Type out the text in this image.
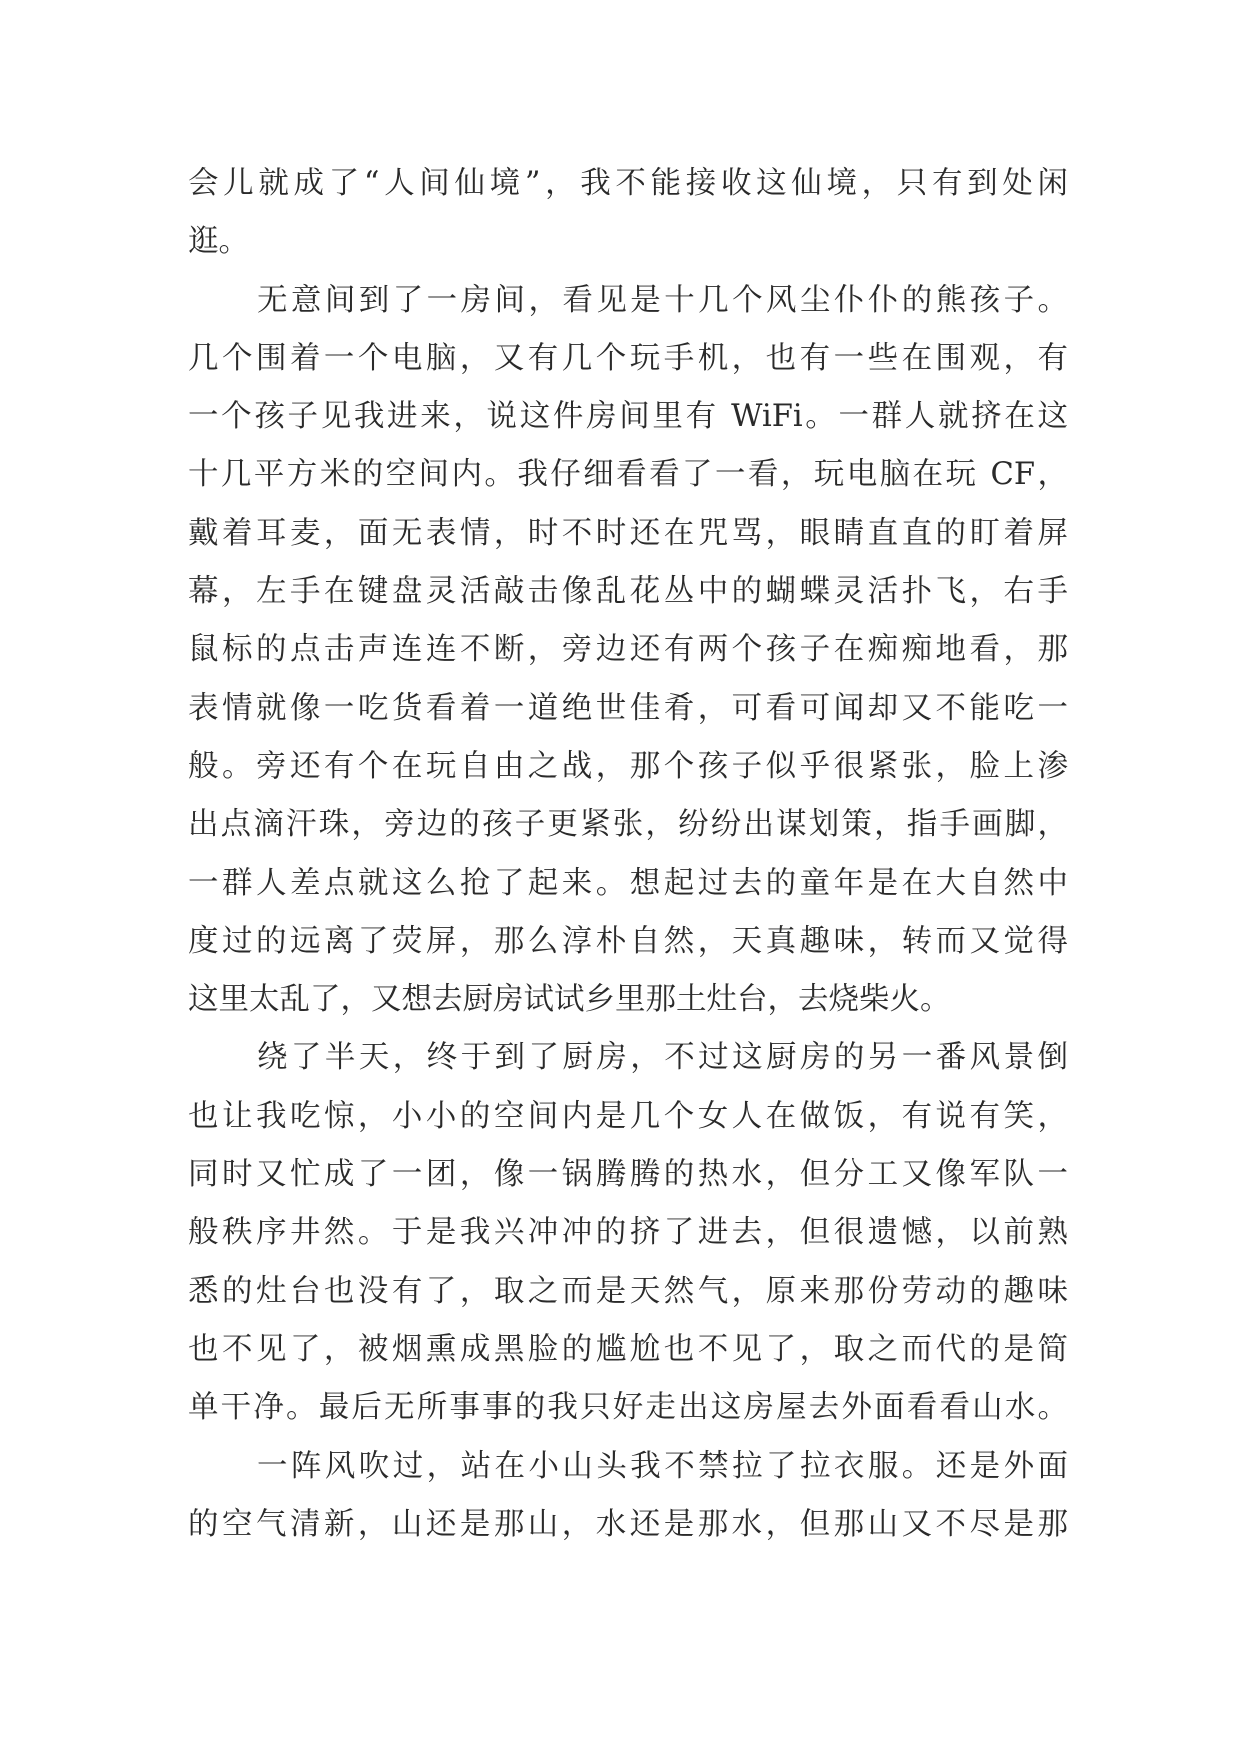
会儿就成了“人间仙境”，我不能接收这仙境，只有到处闲
逛。
无意间到了一房间，看见是十几个风尘仆仆的熊孩子。
几个围着一个电脑，又有几个玩手机，也有一些在围观，有
一个孩子见我进来，说这件房间里有 WiFi。一群人就挤在这
十几平方米的空间内。我仔细看看了一看，玩电脑在玩 CF，
戴着耳麦，面无表情，时不时还在咒骂，眼睛直直的盯着屏
幕，左手在键盘灵活敲击像乱花丛中的蝴蝶灵活扑飞，右手
鼠标的点击声连连不断，旁边还有两个孩子在痴痴地看，那
表情就像一吃货看着一道绝世佳肴，可看可闻却又不能吃一
般。旁还有个在玩自由之战，那个孩子似乎很紧张，脸上渗
出点滴汗珠，旁边的孩子更紧张，纷纷出谋划策，指手画脚，
一群人差点就这么抢了起来。想起过去的童年是在大自然中
度过的远离了荧屏，那么淳朴自然，天真趣味，转而又觉得
这里太乱了，又想去厨房试试乡里那土灶台，去烧柴火。
绕了半天，终于到了厨房，不过这厨房的另一番风景倒
也让我吃惊，小小的空间内是几个女人在做饭，有说有笑，
同时又忙成了一团，像一锅腾腾的热水，但分工又像军队一
般秩序井然。于是我兴冲冲的挤了进去，但很遗憾，以前熟
悉的灶台也没有了，取之而是天然气，原来那份劳动的趣味
也不见了，被烟熏成黑脸的尴尬也不见了，取之而代的是简
单干净。最后无所事事的我只好走出这房屋去外面看看山水。
一阵风吹过，站在小山头我不禁拉了拉衣服。还是外面
的空气清新，山还是那山，水还是那水，但那山又不尽是那
